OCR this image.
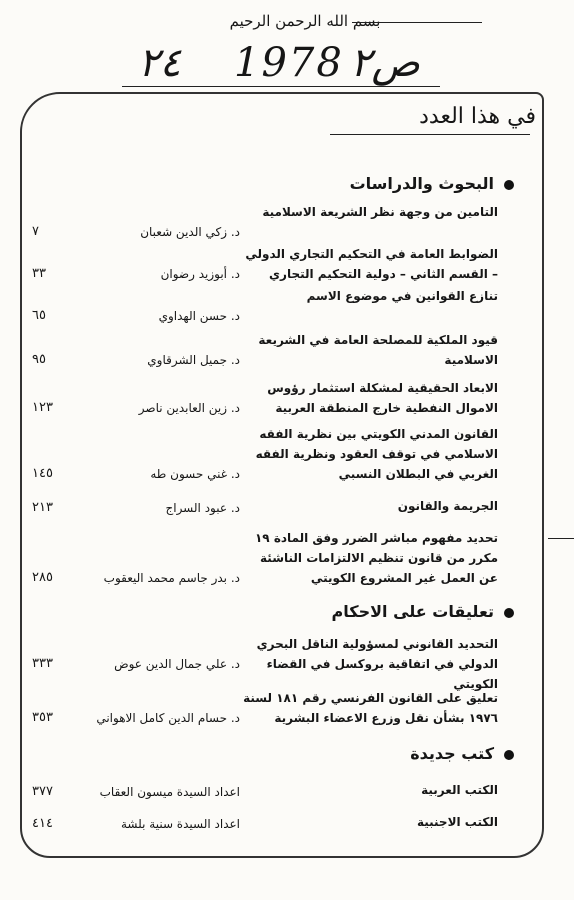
بسم الله الرحمن الرحيم
٢٤ 1978 ص٢
في هذا العدد
البحوث والدراسات
التامين من وجهة نظر الشريعة الاسلامية
د. زكي الدين شعبان
٧
الضوابط العامة في التحكيم التجاري الدولي – القسم الثاني – دولية التحكيم التجاري
د. أبوزيد رضوان
٣٣
تنازع القوانين في موضوع الاسم
د. حسن الهداوي
٦٥
قيود الملكية للمصلحة العامة في الشريعة الاسلامية
د. جميل الشرقاوي
٩٥
الابعاد الحقيقية لمشكلة استثمار رؤوس الاموال النفطية خارج المنطقة العربية
د. زين العابدين ناصر
١٢٣
القانون المدني الكويتي بين نظرية الفقه الاسلامي في توقف العقود ونظرية الفقه الغربي في البطلان النسبي
د. غني حسون طه
١٤٥
الجريمة والقانون
د. عبود السراج
٢١٣
تحديد مفهوم مباشر الضرر وفق المادة ١٩ مكرر من قانون تنظيم الالتزامات الناشئة عن العمل غير المشروع الكويتي
د. بدر جاسم محمد اليعقوب
٢٨٥
تعليقات على الاحكام
التحديد القانوني لمسؤولية الناقل البحري الدولي في اتفاقية بروكسل في القضاء الكويتي
د. علي جمال الدين عوض
٣٣٣
تعليق على القانون الفرنسي رقم ١٨١ لسنة ١٩٧٦ بشأن نقل وزرع الاعضاء البشرية
د. حسام الدين كامل الاهواني
٣٥٣
كتب جديدة
الكتب العربية
اعداد السيدة ميسون العقاب
٣٧٧
الكتب الاجنبية
اعداد السيدة سنية بلشة
٤١٤
